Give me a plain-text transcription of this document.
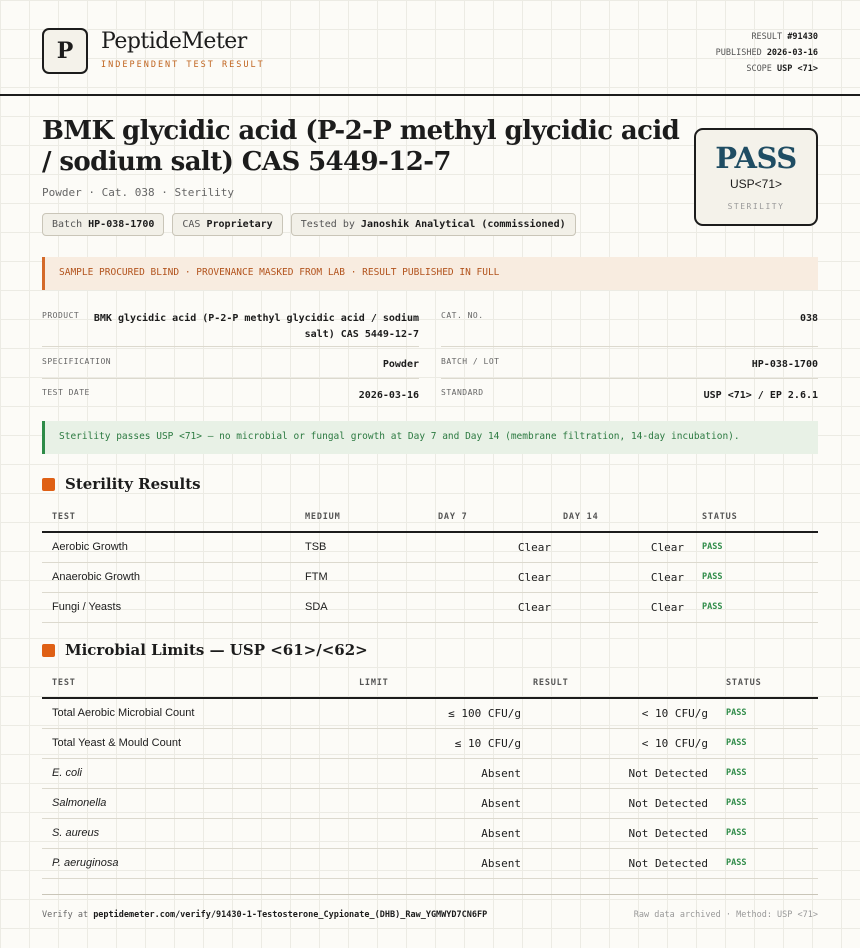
P	PeptideMeter
INDEPENDENT TEST RESULT
RESULT #91430
PUBLISHED 2026-03-16
SCOPE USP <71>
BMK glycidic acid (P-2-P methyl glycidic acid / sodium salt) CAS 5449-12-7
Powder · Cat. 038 · Sterility
Batch HP-038-1700	CAS Proprietary	Tested by Janoshik Analytical (commissioned)
PASS
USP<71>
STERILITY
SAMPLE PROCURED BLIND · PROVENANCE MASKED FROM LAB · RESULT PUBLISHED IN FULL
PRODUCT	BMK glycidic acid (P-2-P methyl glycidic acid / sodium salt) CAS 5449-12-7
CAT. NO.	038
SPECIFICATION	Powder	BATCH / LOT	HP-038-1700
TEST DATE	2026-03-16	STANDARD	USP <71> / EP 2.6.1
Sterility passes USP <71> — no microbial or fungal growth at Day 7 and Day 14 (membrane filtration, 14-day incubation).
Sterility Results
TEST	MEDIUM	DAY 7	DAY 14	STATUS
Aerobic Growth	TSB	Clear	Clear	PASS
Anaerobic Growth	FTM	Clear	Clear	PASS
Fungi / Yeasts	SDA	Clear	Clear	PASS
Microbial Limits — USP <61>/<62>
TEST	LIMIT	RESULT	STATUS
Total Aerobic Microbial Count	≤ 100 CFU/g	< 10 CFU/g	PASS
Total Yeast & Mould Count	≤ 10 CFU/g	< 10 CFU/g	PASS
E. coli	Absent	Not Detected	PASS
Salmonella	Absent	Not Detected	PASS
S. aureus	Absent	Not Detected	PASS
P. aeruginosa	Absent	Not Detected	PASS
Verify at peptidemeter.com/verify/91430-1-Testosterone_Cypionate_(DHB)_Raw_YGMWYD7CN6FP	Raw data archived · Method: USP <71>
